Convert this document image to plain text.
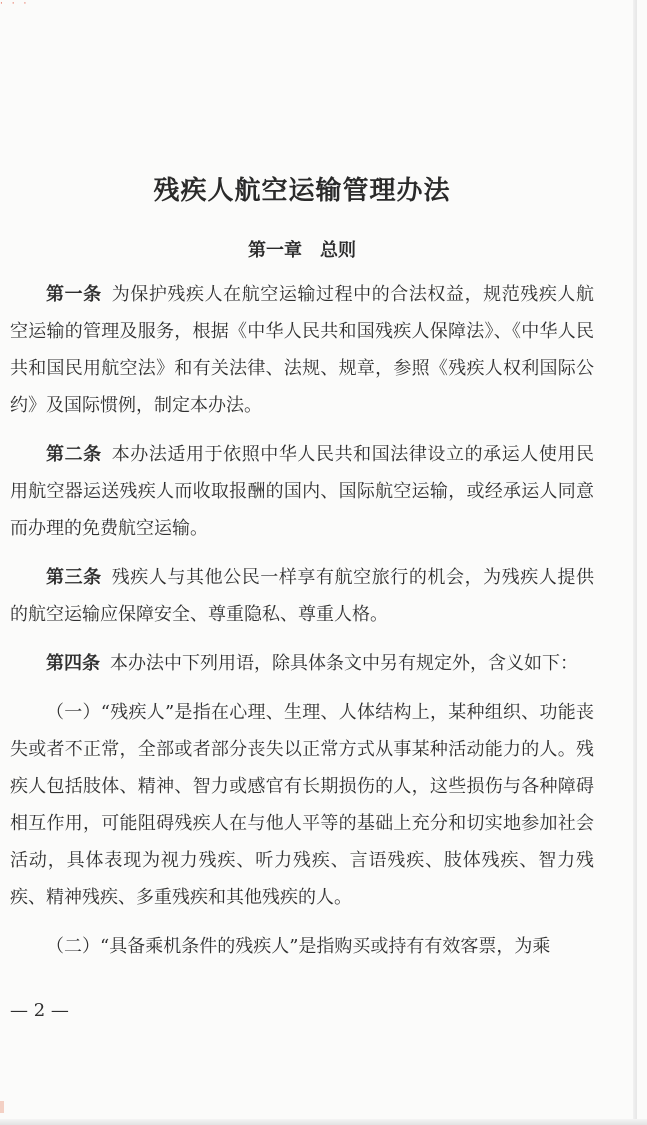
· · ·
残疾人航空运输管理办法
第一章　总则

第一条 为保护残疾人在航空运输过程中的合法权益，规范残疾人航空运输的管理及服务，根据《中华人民共和国残疾人保障法》、《中华人民共和国民用航空法》和有关法律、法规、规章，参照《残疾人权利国际公约》及国际惯例，制定本办法。

第二条 本办法适用于依照中华人民共和国法律设立的承运人使用民用航空器运送残疾人而收取报酬的国内、国际航空运输，或经承运人同意而办理的免费航空运输。

第三条 残疾人与其他公民一样享有航空旅行的机会，为残疾人提供的航空运输应保障安全、尊重隐私、尊重人格。

第四条 本办法中下列用语，除具体条文中另有规定外，含义如下：

（一）“残疾人”是指在心理、生理、人体结构上，某种组织、功能丧失或者不正常，全部或者部分丧失以正常方式从事某种活动能力的人。残疾人包括肢体、精神、智力或感官有长期损伤的人，这些损伤与各种障碍相互作用，可能阻碍残疾人在与他人平等的基础上充分和切实地参加社会活动，具体表现为视力残疾、听力残疾、言语残疾、肢体残疾、智力残疾、精神残疾、多重残疾和其他残疾的人。

（二）“具备乘机条件的残疾人”是指购买或持有有效客票，为乘

— 2 —
